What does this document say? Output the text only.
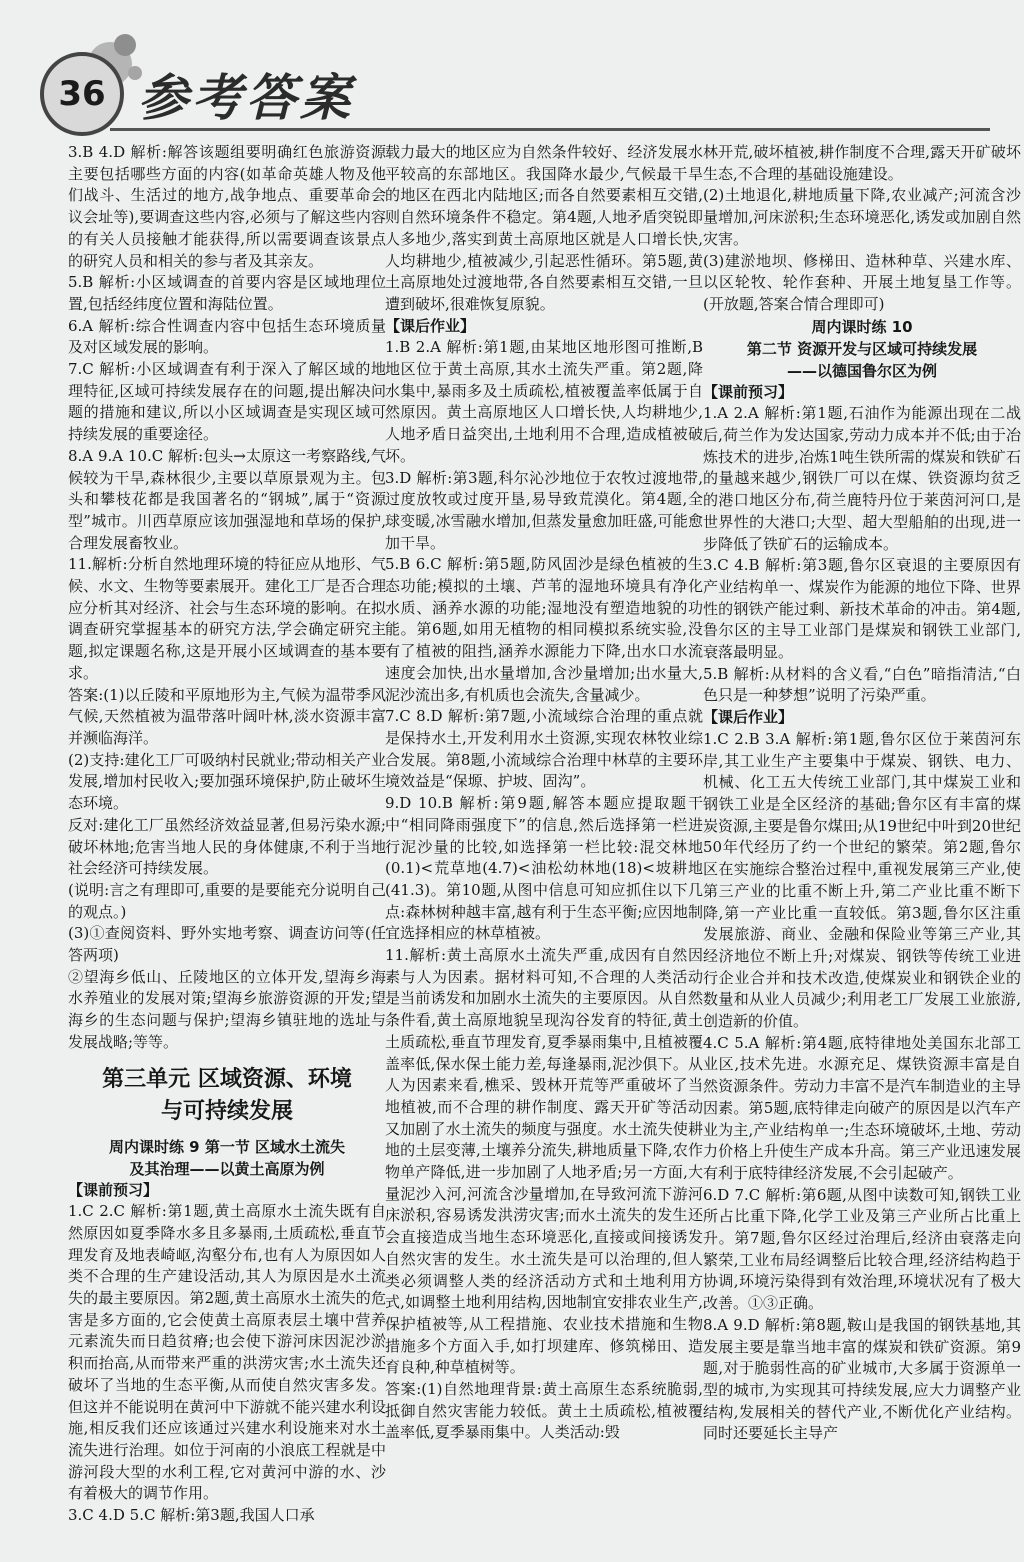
36 参考答案

3.B 4.D 解析:解答该题组要明确红色旅游资源主要包括哪些方面的内容(如革命英雄人物及他们战斗、生活过的地方,战争地点、重要革命会议会址等),要调查这些内容,必须与了解这些内容的有关人员接触才能获得,所以需要调查该景点的研究人员和相关的参与者及其亲友。

5.B 解析:小区域调查的首要内容是区域地理位置,包括经纬度位置和海陆位置。

6.A 解析:综合性调查内容中包括生态环境质量及对区域发展的影响。

7.C 解析:小区域调查有利于深入了解区域的地理特征,区域可持续发展存在的问题,提出解决问题的措施和建议,所以小区域调查是实现区域可持续发展的重要途径。

8.A 9.A 10.C 解析:包头→太原这一考察路线,气候较为干旱,森林很少,主要以草原景观为主。包头和攀枝花都是我国著名的“钢城”,属于“资源型”城市。川西草原应该加强湿地和草场的保护,合理发展畜牧业。

11.解析:分析自然地理环境的特征应从地形、气候、水文、生物等要素展开。建化工厂是否合理应分析其对经济、社会与生态环境的影响。在拟调查研究掌握基本的研究方法,学会确定研究主题,拟定课题名称,这是开展小区域调查的基本要求。

答案:(1)以丘陵和平原地形为主,气候为温带季风气候,天然植被为温带落叶阔叶林,淡水资源丰富并濒临海洋。

(2)支持:建化工厂可吸纳村民就业;带动相关产业发展,增加村民收入;要加强环境保护,防止破坏生态环境。

反对:建化工厂虽然经济效益显著,但易污染水源;破坏林地;危害当地人民的身体健康,不利于当地社会经济可持续发展。

(说明:言之有理即可,重要的是要能充分说明自己的观点。)

(3)①查阅资料、野外实地考察、调查访问等(任答两项)

②望海乡低山、丘陵地区的立体开发,望海乡海水养殖业的发展对策;望海乡旅游资源的开发;望海乡的生态问题与保护;望海乡镇驻地的选址与发展战略;等等。

第三单元 区域资源、环境
与可持续发展
周内课时练 9 第一节 区域水土流失
及其治理——以黄土高原为例
【 课前预习 】

1.C 2.C 解析:第1题,黄土高原水土流失既有自然原因如夏季降水多且多暴雨,土质疏松,垂直节理发育及地表崎岖,沟壑分布,也有人为原因如人类不合理的生产建设活动,其人为原因是水土流失的最主要原因。第2题,黄土高原水土流失的危害是多方面的,它会使黄土高原表层土壤中营养元素流失而日趋贫瘠;也会使下游河床因泥沙淤积而抬高,从而带来严重的洪涝灾害;水土流失还破坏了当地的生态平衡,从而使自然灾害多发。但这并不能说明在黄河中下游就不能兴建水利设施,相反我们还应该通过兴建水利设施来对水土流失进行治理。如位于河南的小浪底工程就是中游河段大型的水利工程,它对黄河中游的水、沙有着极大的调节作用。

3.C 4.D 5.C 解析:第3题,我国人口承

载力最大的地区应为自然条件较好、经济发展水平较高的东部地区。我国降水最少,气候最干旱的地区在西北内陆地区;而各自然要素相互交错,则自然环境条件不稳定。第4题,人地矛盾突锐即人多地少,落实到黄土高原地区就是人口增长快,人均耕地少,植被减少,引起恶性循环。第5题,黄土高原地处过渡地带,各自然要素相互交错,一旦遭到破坏,很难恢复原貌。

【 课后作业 】

1.B 2.A 解析:第1题,由某地区地形图可推断,B地区位于黄土高原,其水土流失严重。第2题,降水集中,暴雨多及土质疏松,植被覆盖率低属于自然原因。黄土高原地区人口增长快,人均耕地少,人地矛盾日益突出,土地利用不合理,造成植被破坏。

3.D 解析:第3题,科尔沁沙地位于农牧过渡地带,过度放牧或过度开垦,易导致荒漠化。第4题,全球变暖,冰雪融水增加,但蒸发量愈加旺盛,可能愈加干旱。

5.B 6.C 解析:第5题,防风固沙是绿色植被的生态功能;模拟的土壤、芦苇的湿地环境具有净化水质、涵养水源的功能;湿地没有塑造地貌的功能。第6题,如用无植物的相同模拟系统实验,没有了植被的阻挡,涵养水源能力下降,出水口水流速度会加快,出水量增加,含沙量增加;出水量大,泥沙流出多,有机质也会流失,含量减少。

7.C 8.D 解析:第7题,小流域综合治理的重点就是保持水土,开发利用水土资源,实现农林牧业综合发展。第8题,小流域综合治理中林草的主要环境效益是“保塬、护坡、固沟”。

9.D 10.B 解析:第9题,解答本题应提取题干中“相同降雨强度下”的信息,然后选择第一栏进行泥沙量的比较,如选择第一栏比较:混交林地(0.1)<荒草地(4.7)<油松幼林地(18)<坡耕地(41.3)。第10题,从图中信息可知应抓住以下几点:森林树种越丰富,越有利于生态平衡;应因地制宜选择相应的林草植被。

11.解析:黄土高原水土流失严重,成因有自然因素与人为因素。据材料可知,不合理的人类活动是当前诱发和加剧水土流失的主要原因。从自然条件看,黄土高原地貌呈现沟谷发育的特征,黄土土质疏松,垂直节理发育,夏季暴雨集中,且植被覆盖率低,保水保土能力差,每逢暴雨,泥沙俱下。从人为因素来看,樵采、毁林开荒等严重破坏了当地植被,而不合理的耕作制度、露天开矿等活动又加剧了水土流失的频度与强度。水土流失使耕地的土层变薄,土壤养分流失,耕地质量下降,农作物单产降低,进一步加剧了人地矛盾;另一方面,大量泥沙入河,河流含沙量增加,在导致河流下游河床淤积,容易诱发洪涝灾害;而水土流失的发生还会直接造成当地生态环境恶化,直接或间接诱发自然灾害的发生。水土流失是可以治理的,但人类必须调整人类的经济活动方式和土地利用方式,如调整土地利用结构,因地制宜安排农业生产,保护植被等,从工程措施、农业技术措施和生物措施多个方面入手,如打坝建库、修筑梯田、造育良种,种草植树等。

答案:(1)自然地理背景:黄土高原生态系统脆弱,抵御自然灾害能力较低。黄土土质疏松,植被覆盖率低,夏季暴雨集中。人类活动:毁

林开荒,破坏植被,耕作制度不合理,露天开矿破坏生态,不合理的基础设施建设。

(2)土地退化,耕地质量下降,农业减产;河流含沙量增加,河床淤积;生态环境恶化,诱发或加剧自然灾害。

(3)建淤地坝、修梯田、造林种草、兴建水库、以区轮牧、轮作套种、开展土地复垦工作等。(开放题,答案合情合理即可)

周内课时练 10
第二节 资源开发与区域可持续发展
——以德国鲁尔区为例
【 课前预习 】

1.A 2.A 解析:第1题,石油作为能源出现在二战后,荷兰作为发达国家,劳动力成本并不低;由于冶炼技术的进步,冶炼1吨生铁所需的煤炭和铁矿石的量越来越少,钢铁厂可以在煤、铁资源均贫乏的港口地区分布,荷兰鹿特丹位于莱茵河河口,是世界性的大港口;大型、超大型船舶的出现,进一步降低了铁矿石的运输成本。

3.C 4.B 解析:第3题,鲁尔区衰退的主要原因有产业结构单一、煤炭作为能源的地位下降、世界性的钢铁产能过剩、新技术革命的冲击。第4题,鲁尔区的主导工业部门是煤炭和钢铁工业部门,衰落最明显。

5.B 解析:从材料的含义看,“白色”暗指清洁,“白色只是一种梦想”说明了污染严重。

【 课后作业 】

1.C 2.B 3.A 解析:第1题,鲁尔区位于莱茵河东岸,其工业生产主要集中于煤炭、钢铁、电力、机械、化工五大传统工业部门,其中煤炭工业和钢铁工业是全区经济的基础;鲁尔区有丰富的煤炭资源,主要是鲁尔煤田;从19世纪中叶到20世纪50年代经历了约一个世纪的繁荣。第2题,鲁尔区在实施综合整治过程中,重视发展第三产业,使第三产业的比重不断上升,第二产业比重不断下降,第一产业比重一直较低。第3题,鲁尔区注重发展旅游、商业、金融和保险业等第三产业,其经济地位不断上升;对煤炭、钢铁等传统工业进行企业合并和技术改造,使煤炭业和钢铁企业的数量和从业人员减少;利用老工厂发展工业旅游,创造新的价值。

4.C 5.A 解析:第4题,底特律地处美国东北部工业区,技术先进。水源充足、煤铁资源丰富是自然资源条件。劳动力丰富不是汽车制造业的主导因素。第5题,底特律走向破产的原因是以汽车产业为主,产业结构单一;生态环境破坏,土地、劳动力价格上升使生产成本升高。第三产业迅速发展有利于底特律经济发展,不会引起破产。

6.D 7.C 解析:第6题,从图中读数可知,钢铁工业所占比重下降,化学工业及第三产业所占比重上升。第7题,鲁尔区经过治理后,经济由衰落走向繁荣,工业布局经调整后比较合理,经济结构趋于协调,环境污染得到有效治理,环境状况有了极大改善。①③正确。

8.A 9.D 解析:第8题,鞍山是我国的钢铁基地,其发展主要是靠当地丰富的煤炭和铁矿资源。第9题,对于脆弱性高的矿业城市,大多属于资源单一型的城市,为实现其可持续发展,应大力调整产业结构,发展相关的替代产业,不断优化产业结构。同时还要延长主导产
